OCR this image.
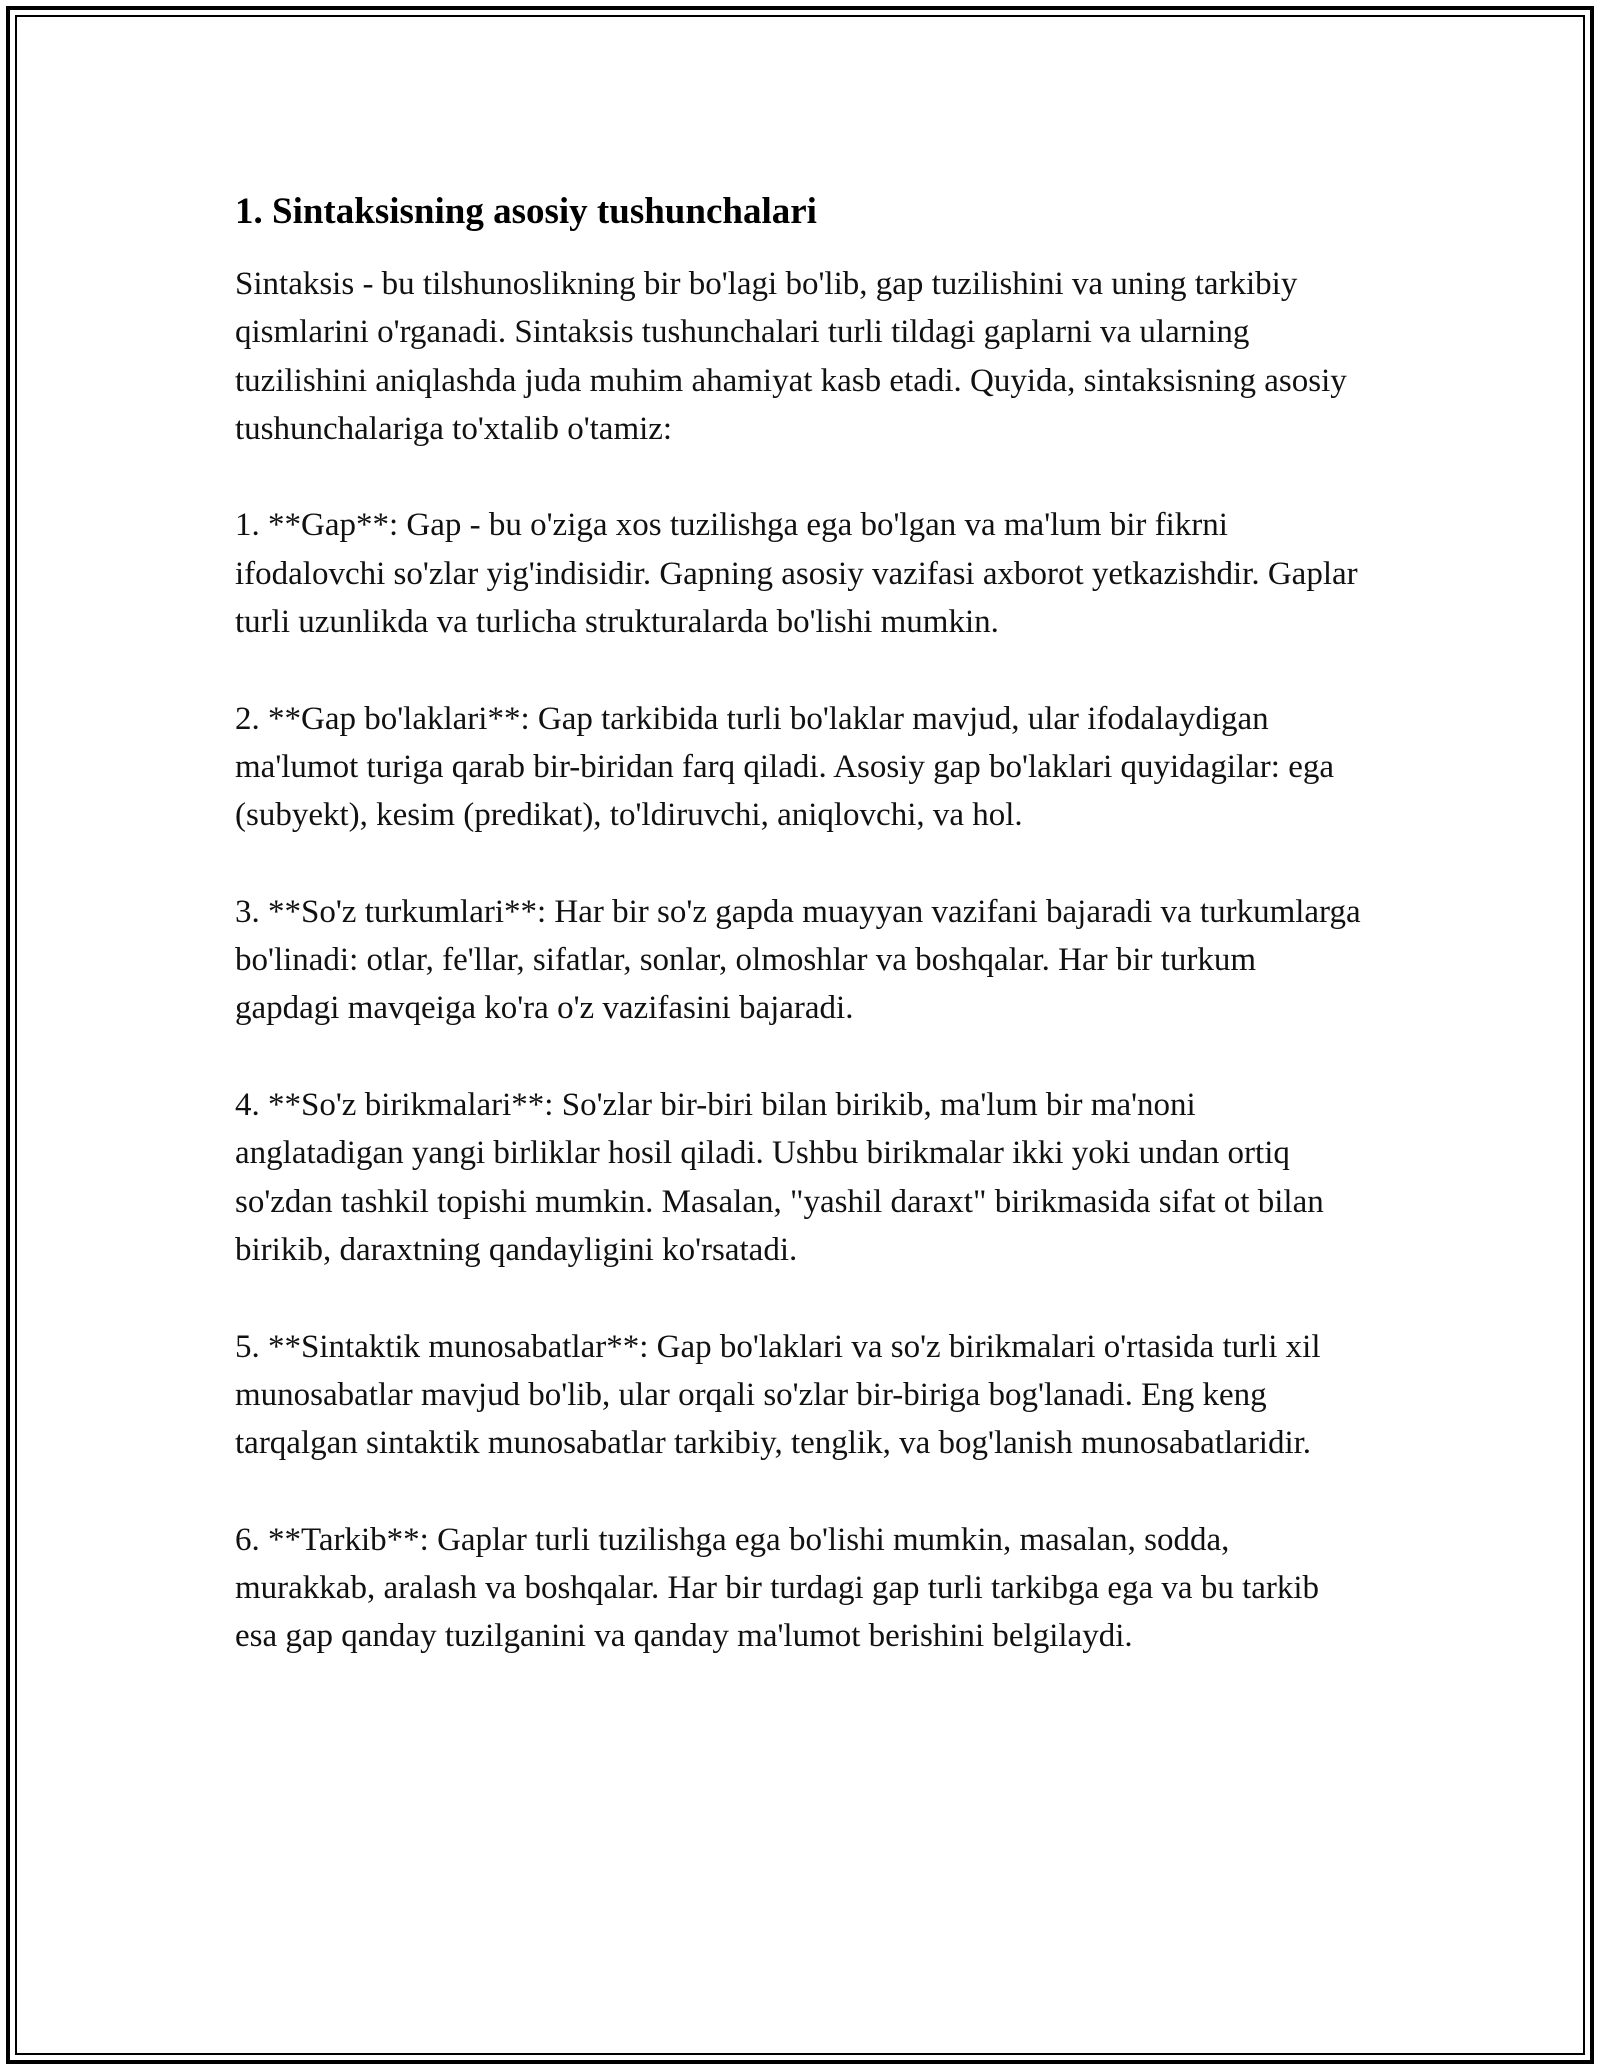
1. Sintaksisning asosiy tushunchalari

Sintaksis - bu tilshunoslikning bir bo'lagi bo'lib, gap tuzilishini va uning tarkibiy qismlarini o'rganadi. Sintaksis tushunchalari turli tildagi gaplarni va ularning tuzilishini aniqlashda juda muhim ahamiyat kasb etadi. Quyida, sintaksisning asosiy tushunchalariga to'xtalib o'tamiz:

1. **Gap**: Gap - bu o'ziga xos tuzilishga ega bo'lgan va ma'lum bir fikrni ifodalovchi so'zlar yig'indisidir. Gapning asosiy vazifasi axborot yetkazishdir. Gaplar turli uzunlikda va turlicha strukturalarda bo'lishi mumkin.

2. **Gap bo'laklari**: Gap tarkibida turli bo'laklar mavjud, ular ifodalaydigan ma'lumot turiga qarab bir-biridan farq qiladi. Asosiy gap bo'laklari quyidagilar: ega (subyekt), kesim (predikat), to'ldiruvchi, aniqlovchi, va hol.

3. **So'z turkumlari**: Har bir so'z gapda muayyan vazifani bajaradi va turkumlarga bo'linadi: otlar, fe'llar, sifatlar, sonlar, olmoshlar va boshqalar. Har bir turkum gapdagi mavqeiga ko'ra o'z vazifasini bajaradi.

4. **So'z birikmalari**: So'zlar bir-biri bilan birikib, ma'lum bir ma'noni anglatadigan yangi birliklar hosil qiladi. Ushbu birikmalar ikki yoki undan ortiq so'zdan tashkil topishi mumkin. Masalan, "yashil daraxt" birikmasida sifat ot bilan birikib, daraxtning qandayligini ko'rsatadi.

5. **Sintaktik munosabatlar**: Gap bo'laklari va so'z birikmalari o'rtasida turli xil munosabatlar mavjud bo'lib, ular orqali so'zlar bir-biriga bog'lanadi. Eng keng tarqalgan sintaktik munosabatlar tarkibiy, tenglik, va bog'lanish munosabatlaridir.

6. **Tarkib**: Gaplar turli tuzilishga ega bo'lishi mumkin, masalan, sodda, murakkab, aralash va boshqalar. Har bir turdagi gap turli tarkibga ega va bu tarkib esa gap qanday tuzilganini va qanday ma'lumot berishini belgilaydi.
